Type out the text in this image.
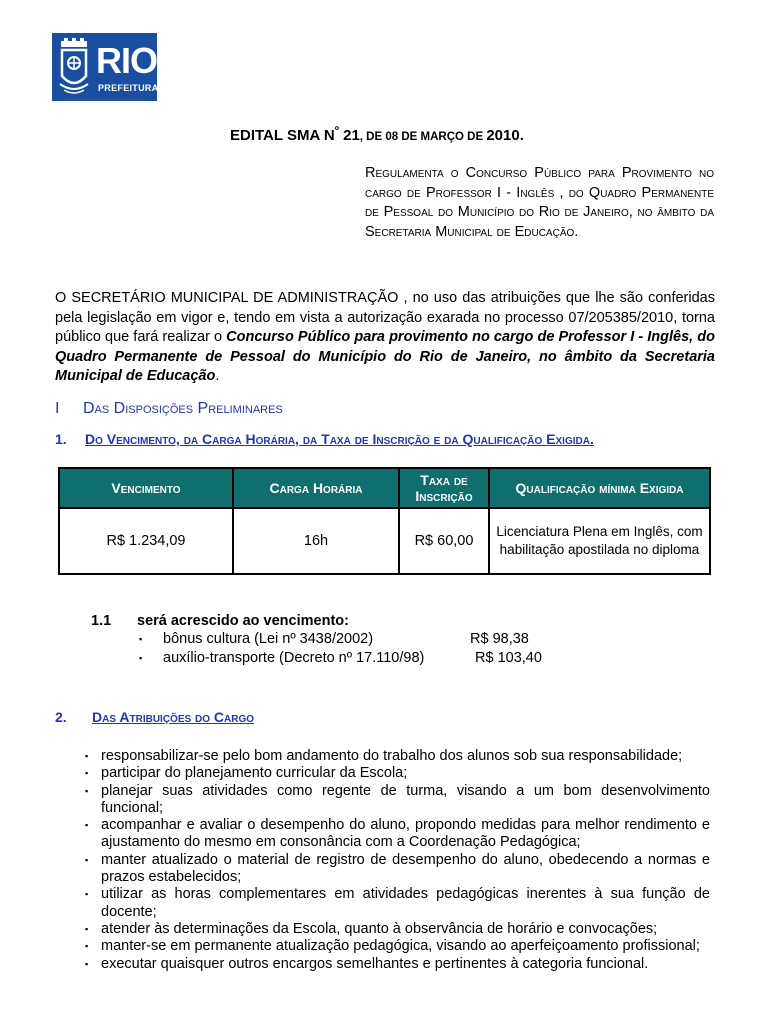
RIO
PREFEITURA
EDITAL SMA $N^º$ 21, DE 08 DE MARÇO DE 2010.
Regulamenta o Concurso Público para Provimento no cargo de Professor I - Inglês , do Quadro Permanente de Pessoal do Município do Rio de Janeiro, no âmbito da Secretaria Municipal de Educação.
O SECRETÁRIO MUNICIPAL DE ADMINISTRAÇÃO , no uso das atribuições que lhe são conferidas pela legislação em vigor e, tendo em vista a autorização exarada no processo 07/205385/2010, torna público que fará realizar o Concurso Público para provimento no cargo de Professor I - Inglês, do Quadro Permanente de Pessoal do Município do Rio de Janeiro, no âmbito da Secretaria Municipal de Educação.
I Das Disposições Preliminares
1. Do Vencimento, da Carga Horária, da Taxa de Inscrição e da Qualificação Exigida.
Vencimento	Carga Horária	Taxa de Inscrição	Qualificação mínima Exigida
R$ 1.234,09	16h	R$ 60,00	Licenciatura Plena em Inglês, com habilitação apostilada no diploma
1.1 será acrescido ao vencimento:
▪ bônus cultura (Lei nº 3438/2002)	R$ 98,38
▪ auxílio-transporte (Decreto nº 17.110/98)	R$ 103,40
2. Das Atribuições do Cargo
▪ responsabilizar-se pelo bom andamento do trabalho dos alunos sob sua responsabilidade;
▪ participar do planejamento curricular da Escola;
▪ planejar suas atividades como regente de turma, visando a um bom desenvolvimento funcional;
▪ acompanhar e avaliar o desempenho do aluno, propondo medidas para melhor rendimento e ajustamento do mesmo em consonância com a Coordenação Pedagógica;
▪ manter atualizado o material de registro de desempenho do aluno, obedecendo a normas e prazos estabelecidos;
▪ utilizar as horas complementares em atividades pedagógicas inerentes à sua função de docente;
▪ atender às determinações da Escola, quanto à observância de horário e convocações;
▪ manter-se em permanente atualização pedagógica, visando ao aperfeiçoamento profissional;
▪ executar quaisquer outros encargos semelhantes e pertinentes à categoria funcional.
